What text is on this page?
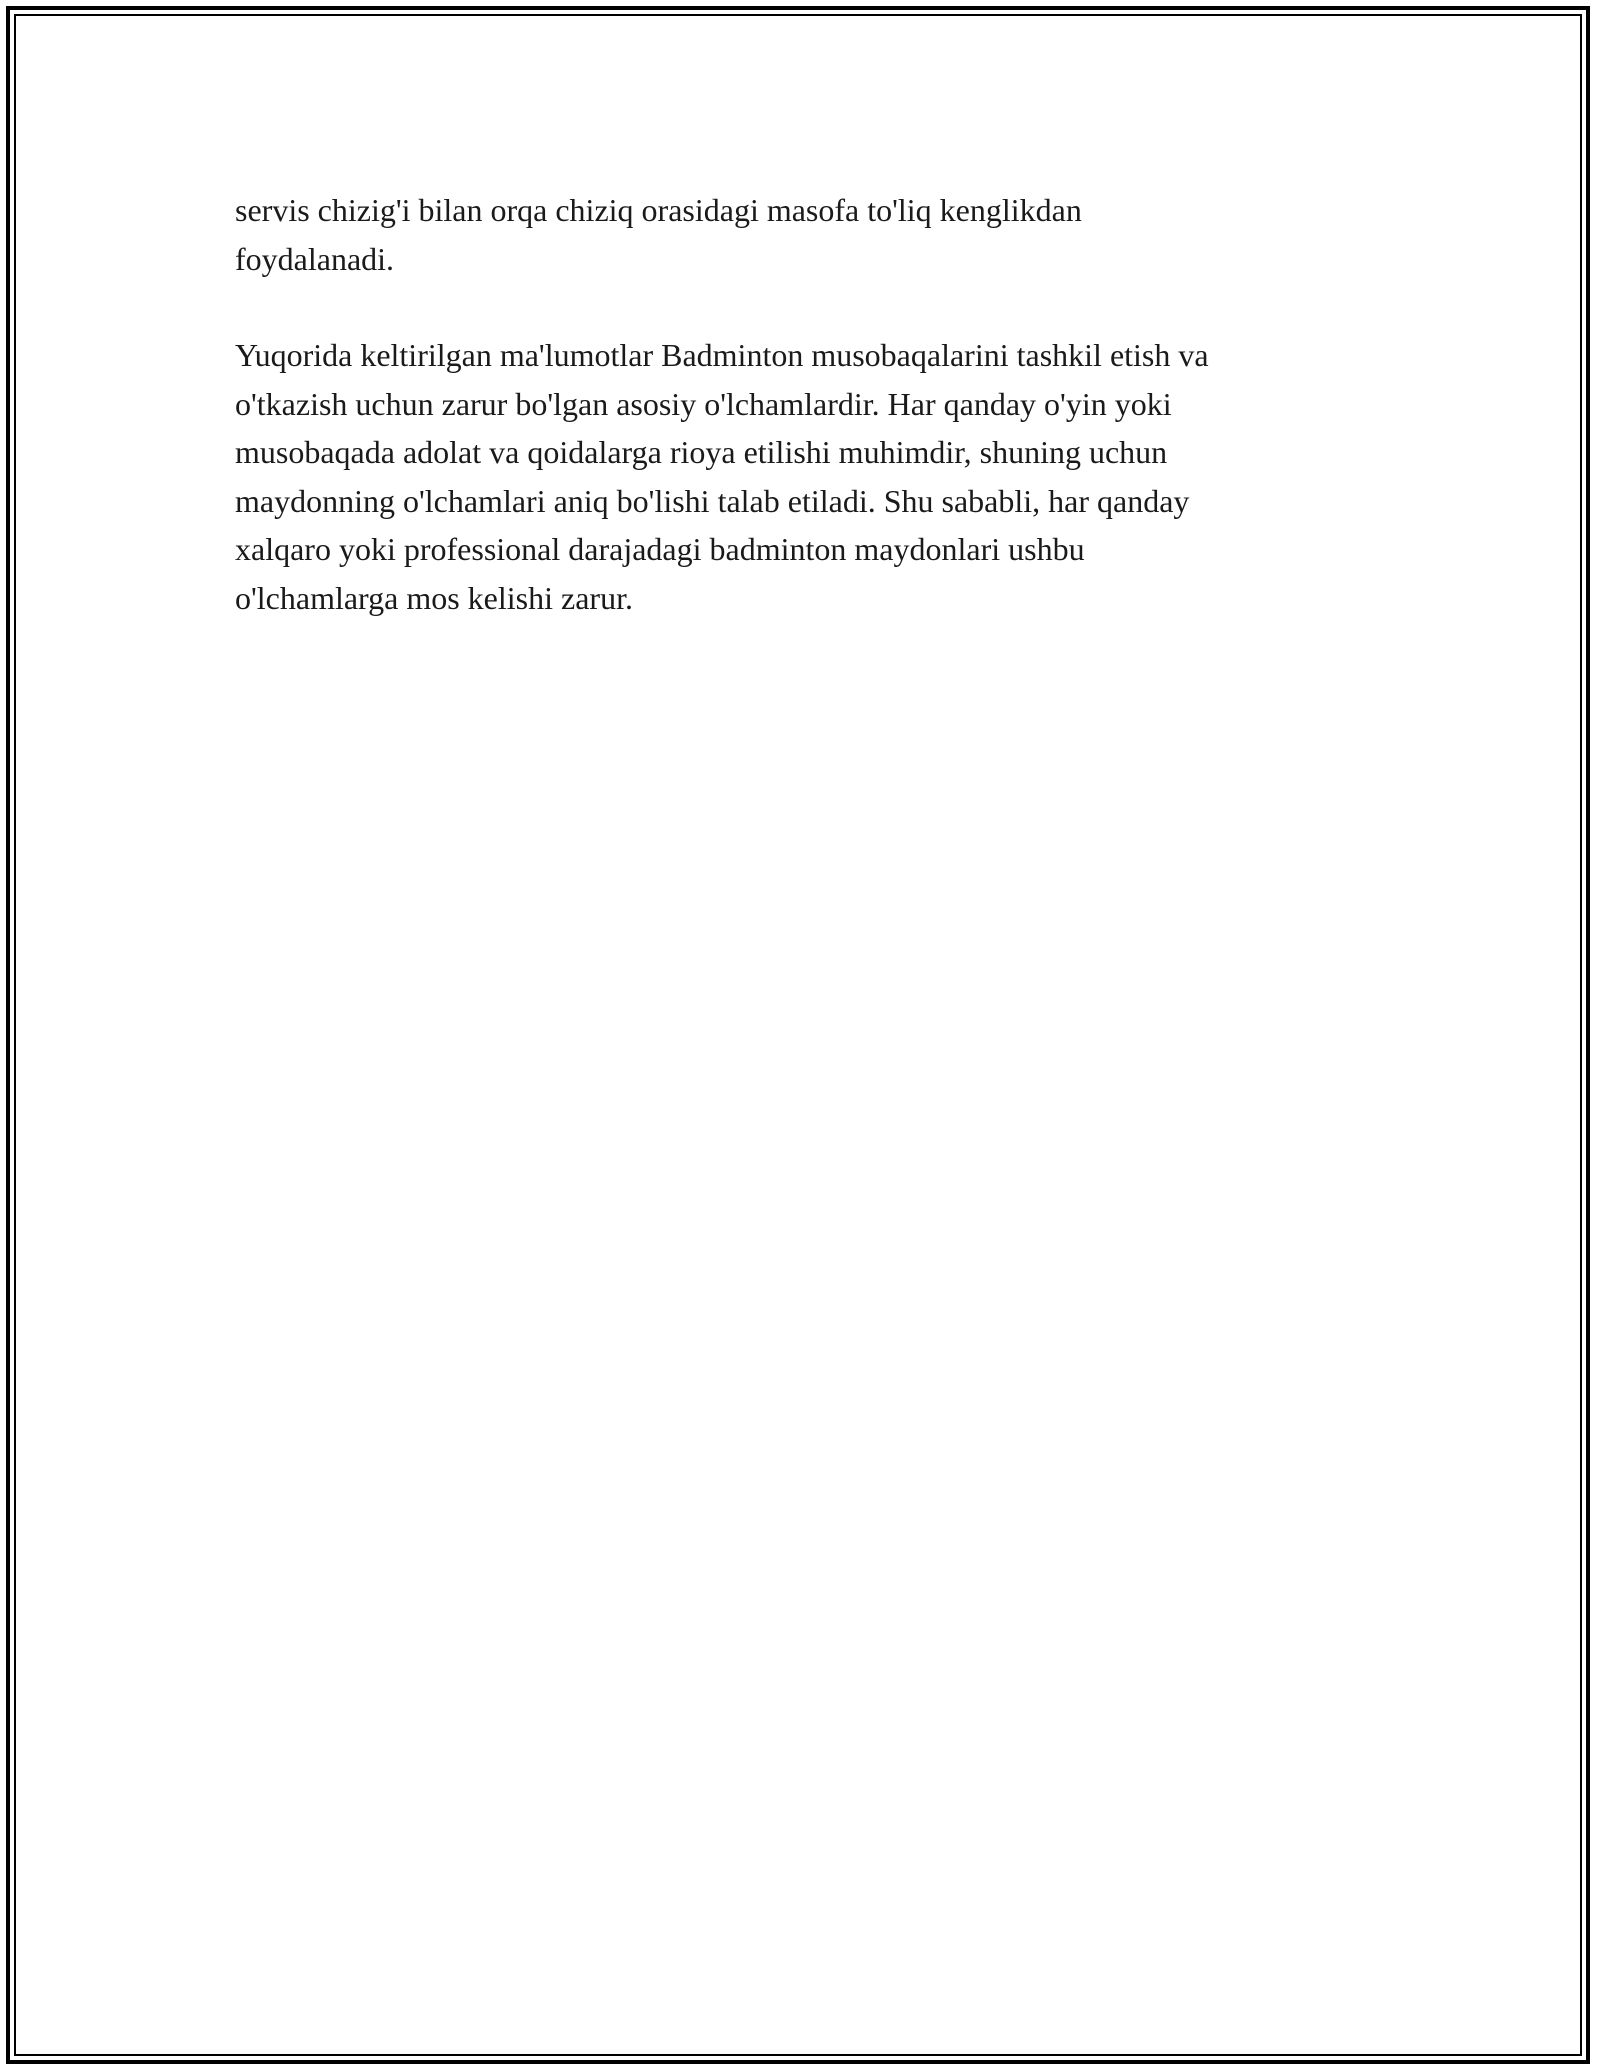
servis chizig'i bilan orqa chiziq orasidagi masofa to'liq kenglikdan
foydalanadi.

Yuqorida keltirilgan ma'lumotlar Badminton musobaqalarini tashkil etish va
o'tkazish uchun zarur bo'lgan asosiy o'lchamlardir. Har qanday o'yin yoki
musobaqada adolat va qoidalarga rioya etilishi muhimdir, shuning uchun
maydonning o'lchamlari aniq bo'lishi talab etiladi. Shu sababli, har qanday
xalqaro yoki professional darajadagi badminton maydonlari ushbu
o'lchamlarga mos kelishi zarur.
